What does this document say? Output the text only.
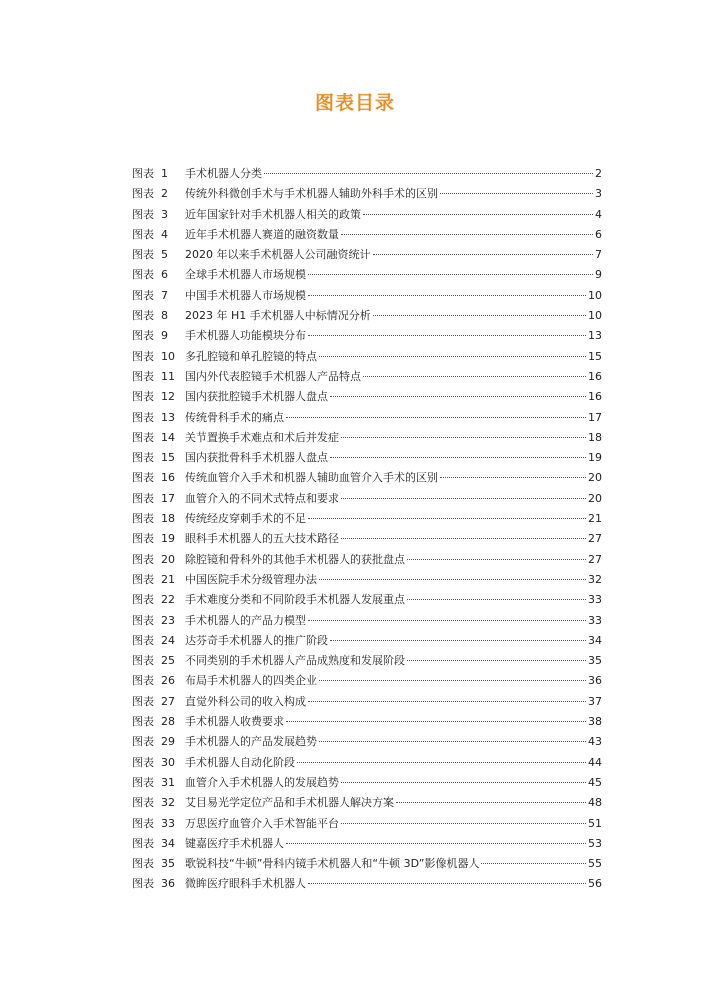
图表目录
图表 1	手术机器人分类	2
图表 2	传统外科微创手术与手术机器人辅助外科手术的区别	3
图表 3	近年国家针对手术机器人相关的政策	4
图表 4	近年手术机器人赛道的融资数量	6
图表 5	2020 年以来手术机器人公司融资统计	7
图表 6	全球手术机器人市场规模	9
图表 7	中国手术机器人市场规模	10
图表 8	2023 年 H1 手术机器人中标情况分析	10
图表 9	手术机器人功能模块分布	13
图表 10 多孔腔镜和单孔腔镜的特点	15
图表 11 国内外代表腔镜手术机器人产品特点	16
图表 12 国内获批腔镜手术机器人盘点	16
图表 13 传统骨科手术的痛点	17
图表 14 关节置换手术难点和术后并发症	18
图表 15 国内获批骨科手术机器人盘点	19
图表 16 传统血管介入手术和机器人辅助血管介入手术的区别	20
图表 17 血管介入的不同术式特点和要求	20
图表 18 传统经皮穿刺手术的不足	21
图表 19 眼科手术机器人的五大技术路径	27
图表 20 除腔镜和骨科外的其他手术机器人的获批盘点	27
图表 21 中国医院手术分级管理办法	32
图表 22 手术难度分类和不同阶段手术机器人发展重点	33
图表 23 手术机器人的产品力模型	33
图表 24 达芬奇手术机器人的推广阶段	34
图表 25 不同类别的手术机器人产品成熟度和发展阶段	35
图表 26 布局手术机器人的四类企业	36
图表 27 直觉外科公司的收入构成	37
图表 28 手术机器人收费要求	38
图表 29 手术机器人的产品发展趋势	43
图表 30 手术机器人自动化阶段	44
图表 31 血管介入手术机器人的发展趋势	45
图表 32 艾目易光学定位产品和手术机器人解决方案	48
图表 33 万思医疗血管介入手术智能平台	51
图表 34 键嘉医疗手术机器人	53
图表 35 歌锐科技“牛顿”骨科内镜手术机器人和“牛顿 3D”影像机器人	55
图表 36 微眸医疗眼科手术机器人	56
